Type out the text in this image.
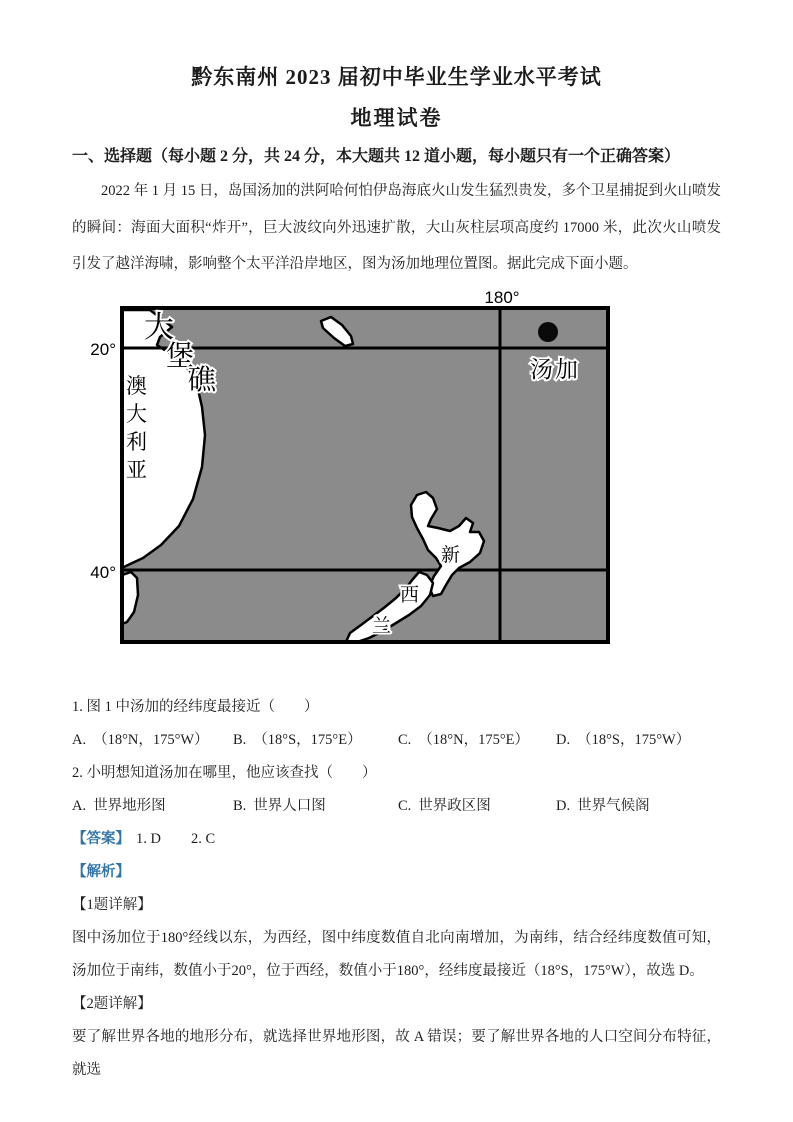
黔东南州 2023 届初中毕业生学业水平考试
地理试卷
一、选择题（每小题 2 分，共 24 分，本大题共 12 道小题，每小题只有一个正确答案）
2022 年 1 月 15 日，岛国汤加的洪阿哈何怕伊岛海底火山发生猛烈贵发，多个卫星捕捉到火山喷发的瞬间：海面大面积“炸开”，巨大波纹向外迅速扩散，大山灰柱层项高度约 17000 米，此次火山喷发引发了越洋海啸，影响整个太平洋沿岸地区，图为汤加地理位置图。据此完成下面小题。
180°
20°
40°
大
堡
礁
澳
大
利
亚
汤加
新
西
兰
1. 图 1 中汤加的经纬度最接近（　　）
A. （18°N，175°W）	B. （18°S，175°E）	C. （18°N，175°E）	D. （18°S，175°W）
2. 小明想知道汤加在哪里，他应该查找（　　）
A. 世界地形图	B. 世界人口图	C. 世界政区图	D. 世界气候阁
【答案】 1. D 2. C
【解析】
【1题详解】
图中汤加位于180°经线以东，为西经，图中纬度数值自北向南增加，为南纬，结合经纬度数值可知，汤加位于南纬，数值小于20°，位于西经，数值小于180°，经纬度最接近（18°S，175°W），故选 D。
【2题详解】
要了解世界各地的地形分布，就选择世界地形图，故 A 错误；要了解世界各地的人口空间分布特征，就选
